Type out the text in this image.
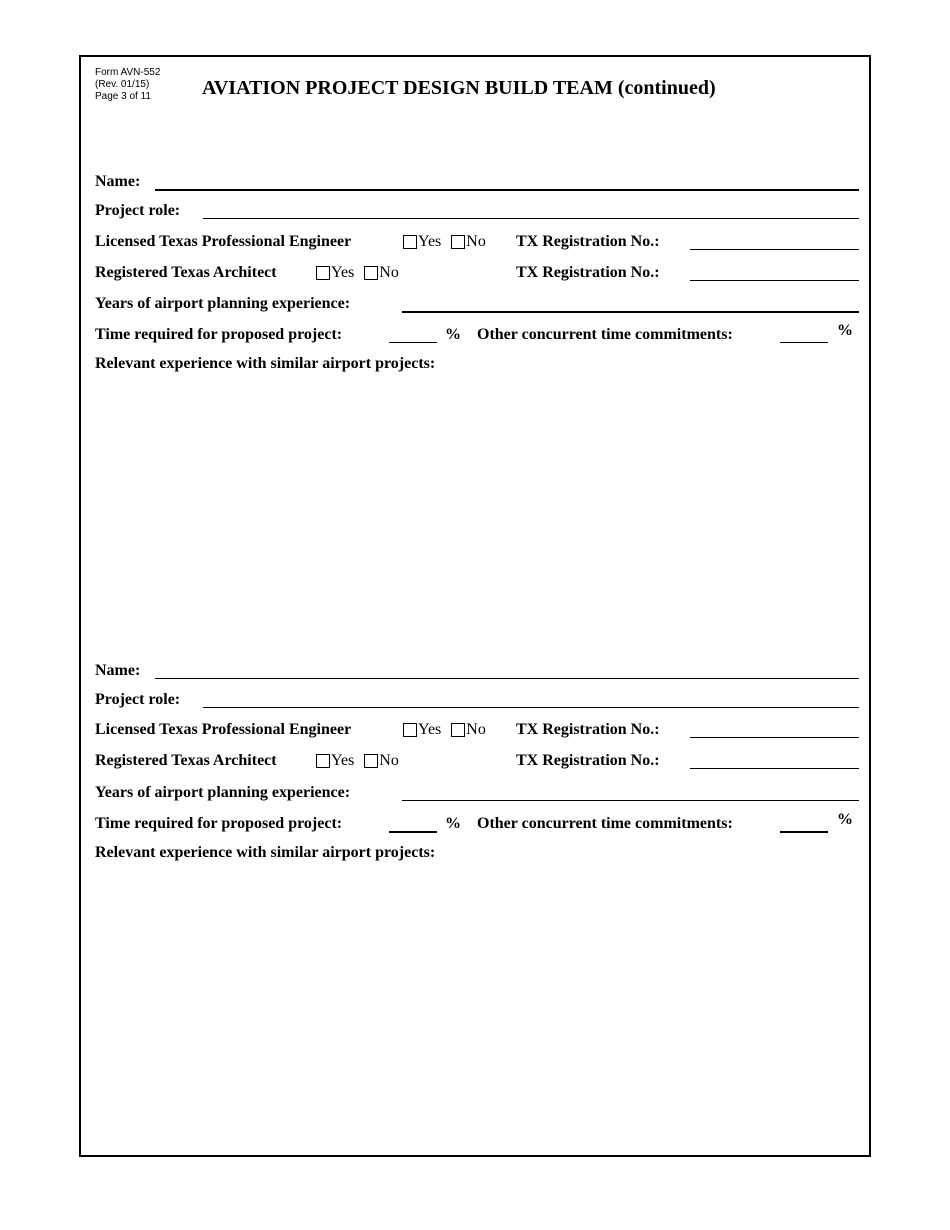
Form AVN-552
(Rev. 01/15)
Page 3 of 11	AVIATION PROJECT DESIGN BUILD TEAM (continued)
Name:
Project role:
Licensed Texas Professional Engineer	Yes No TX Registration No.:
Registered Texas Architect	Yes No	TX Registration No.:
Years of airport planning experience:
Time required for proposed project:	% Other concurrent time commitments:	%
Relevant experience with similar airport projects:
Name:
Project role:
Licensed Texas Professional Engineer	Yes No TX Registration No.:
Registered Texas Architect	Yes No	TX Registration No.:
Years of airport planning experience:
Time required for proposed project:	% Other concurrent time commitments:	%
Relevant experience with similar airport projects:
